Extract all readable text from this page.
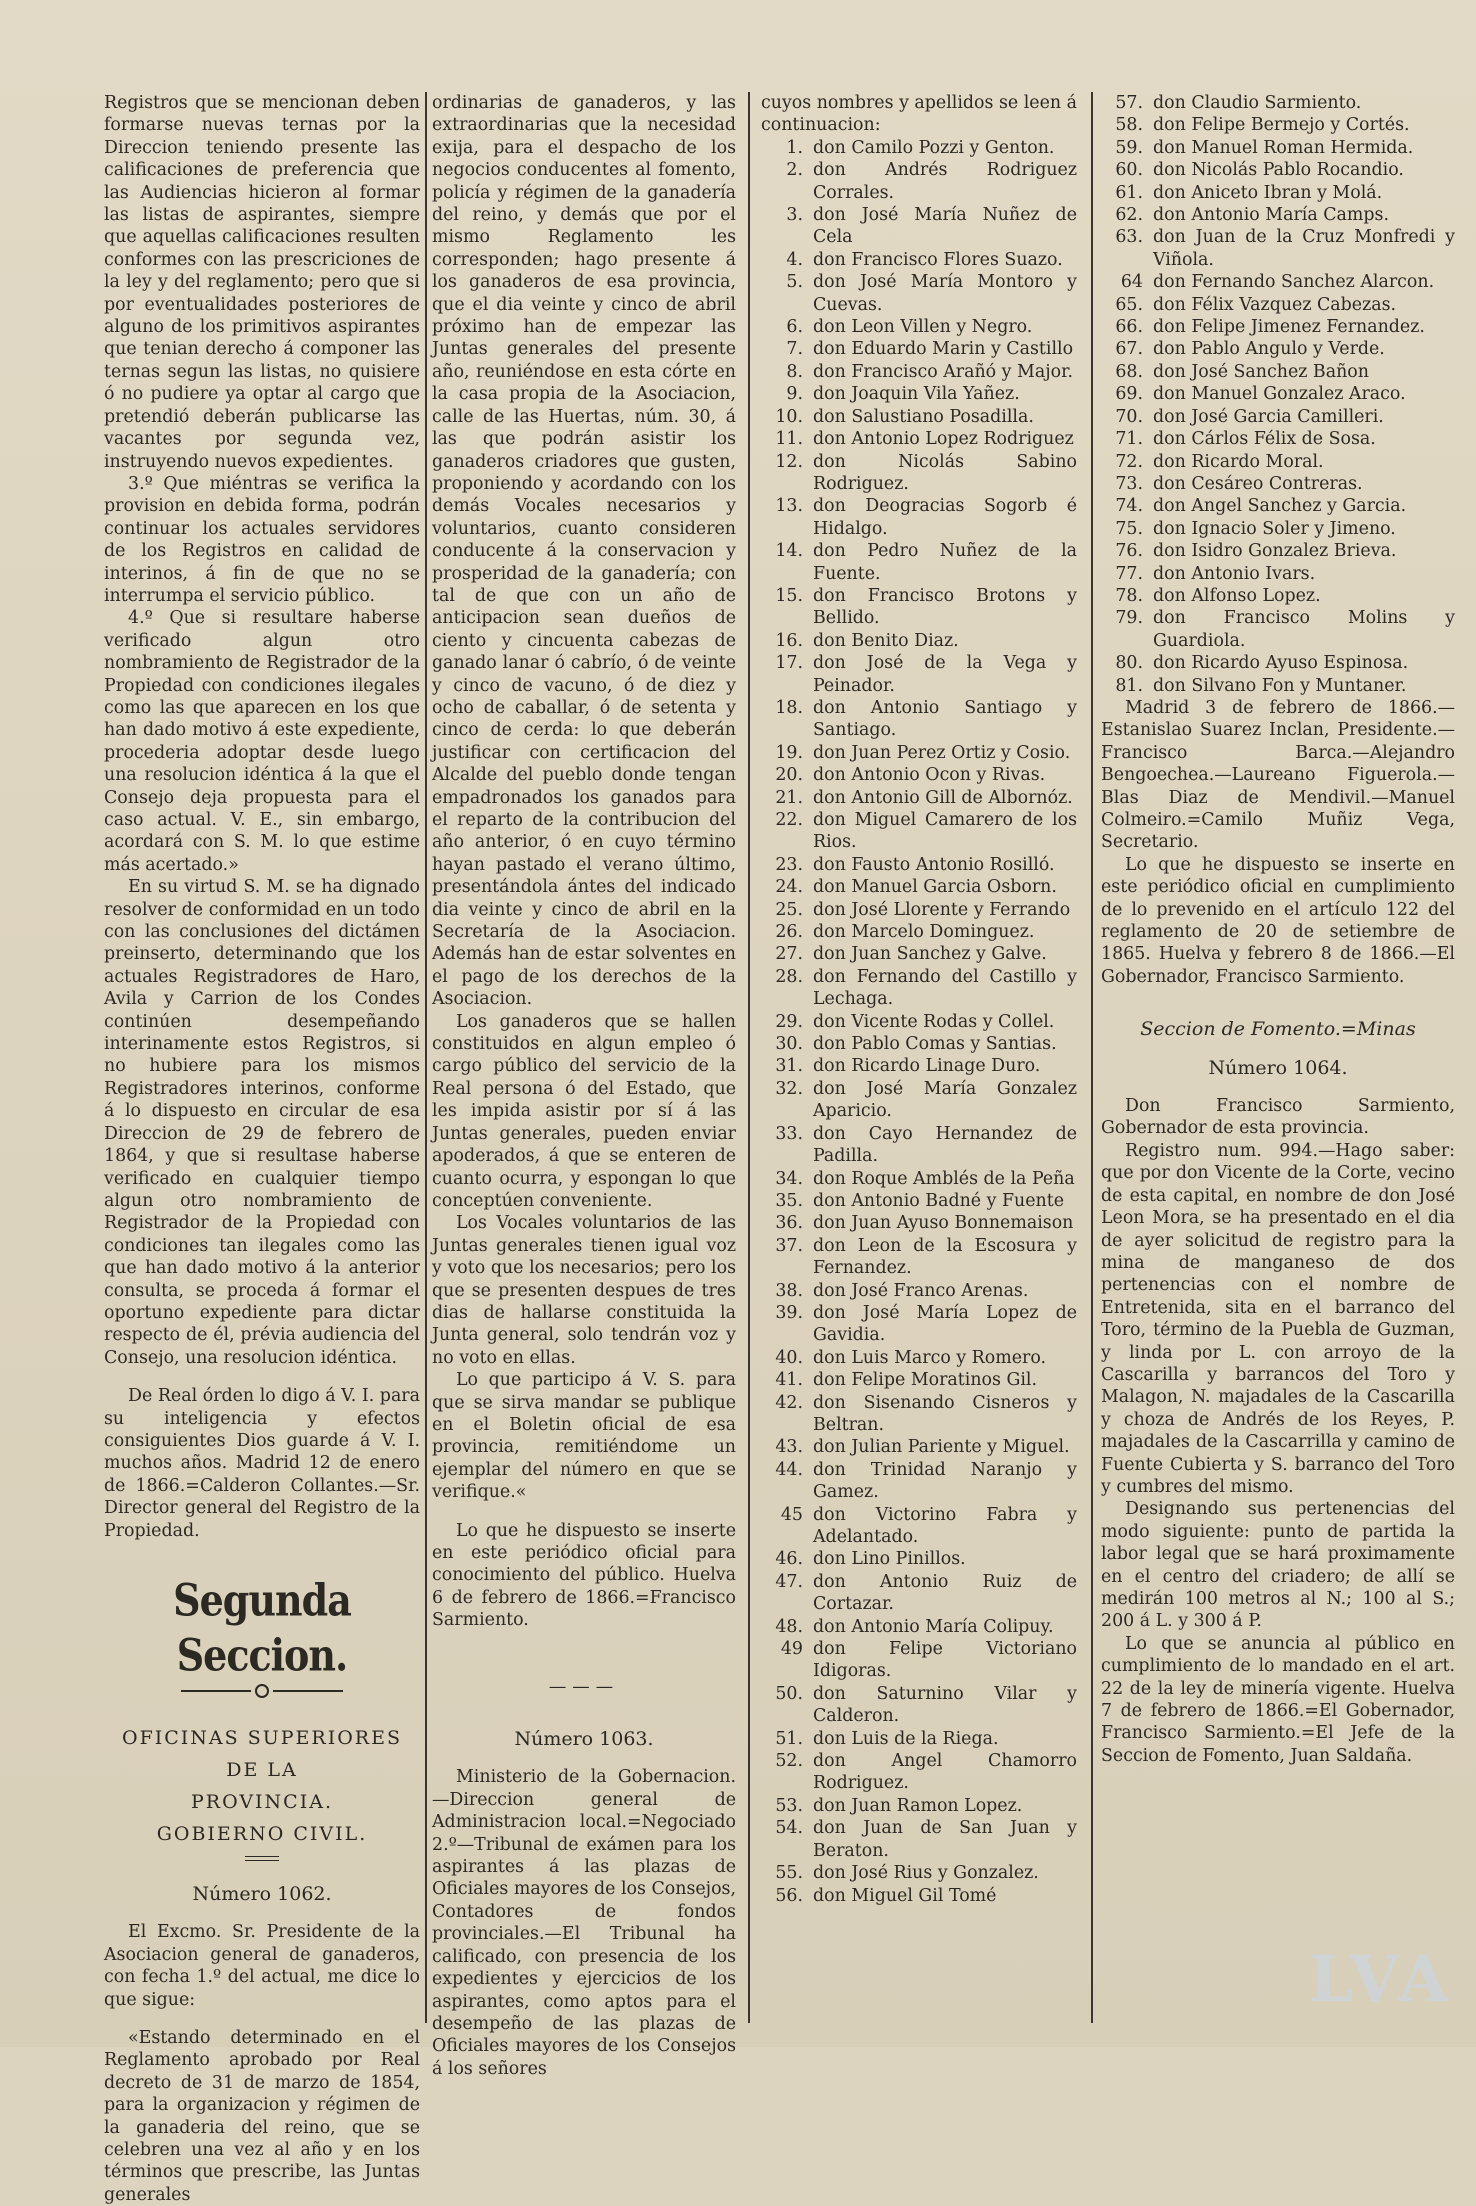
Registros que se mencionan deben formarse nuevas ternas por la Direccion teniendo presente las calificaciones de preferencia que las Audiencias hicieron al formar las listas de aspirantes, siempre que aquellas calificaciones resulten conformes con las prescriciones de la ley y del reglamento; pero que si por eventualidades posteriores de alguno de los primitivos aspirantes que tenian derecho á componer las ternas segun las listas, no quisiere ó no pudiere ya optar al cargo que pretendió deberán publicarse las vacantes por segunda vez, instruyendo nuevos expedientes.

3.º Que miéntras se verifica la provision en debida forma, podrán continuar los actuales servidores de los Registros en calidad de interinos, á fin de que no se interrumpa el servicio público.

4.º Que si resultare haberse verificado algun otro nombramiento de Registrador de la Propiedad con condiciones ilegales como las que aparecen en los que han dado motivo á este expediente, procederia adoptar desde luego una resolucion idéntica á la que el Consejo deja propuesta para el caso actual. V. E., sin embargo, acordará con S. M. lo que estime más acertado.»

En su virtud S. M. se ha dignado resolver de conformidad en un todo con las conclusiones del dictámen preinserto, determinando que los actuales Registradores de Haro, Avila y Carrion de los Condes continúen desempeñando interinamente estos Registros, si no hubiere para los mismos Registradores interinos, conforme á lo dispuesto en circular de esa Direccion de 29 de febrero de 1864, y que si resultase haberse verificado en cualquier tiempo algun otro nombramiento de Registrador de la Propiedad con condiciones tan ilegales como las que han dado motivo á la anterior consulta, se proceda á formar el oportuno expediente para dictar respecto de él, prévia audiencia del Consejo, una resolucion idéntica.

De Real órden lo digo á V. I. para su inteligencia y efectos consiguientes Dios guarde á V. I. muchos años. Madrid 12 de enero de 1866.=Calderon Collantes.—Sr. Director general del Registro de la Propiedad.

Segunda Seccion.

OFICINAS SUPERIORES DE LA

PROVINCIA.

GOBIERNO CIVIL.

Número 1062.

El Excmo. Sr. Presidente de la Asociacion general de ganaderos, con fecha 1.º del actual, me dice lo que sigue:

«Estando determinado en el Reglamento aprobado por Real decreto de 31 de marzo de 1854, para la organizacion y régimen de la ganaderia del reino, que se celebren una vez al año y en los términos que prescribe, las Juntas generales

ordinarias de ganaderos, y las extraordinarias que la necesidad exija, para el despacho de los negocios conducentes al fomento, policía y régimen de la ganadería del reino, y demás que por el mismo Reglamento les corresponden; hago presente á los ganaderos de esa provincia, que el dia veinte y cinco de abril próximo han de empezar las Juntas generales del presente año, reuniéndose en esta córte en la casa propia de la Asociacion, calle de las Huertas, núm. 30, á las que podrán asistir los ganaderos criadores que gusten, proponiendo y acordando con los demás Vocales necesarios y voluntarios, cuanto consideren conducente á la conservacion y prosperidad de la ganadería; con tal de que con un año de anticipacion sean dueños de ciento y cincuenta cabezas de ganado lanar ó cabrío, ó de veinte y cinco de vacuno, ó de diez y ocho de caballar, ó de setenta y cinco de cerda: lo que deberán justificar con certificacion del Alcalde del pueblo donde tengan empadronados los ganados para el reparto de la contribucion del año anterior, ó en cuyo término hayan pastado el verano último, presentándola ántes del indicado dia veinte y cinco de abril en la Secretaría de la Asociacion. Además han de estar solventes en el pago de los derechos de la Asociacion.

Los ganaderos que se hallen constituidos en algun empleo ó cargo público del servicio de la Real persona ó del Estado, que les impida asistir por sí á las Juntas generales, pueden enviar apoderados, á que se enteren de cuanto ocurra, y espongan lo que conceptúen conveniente.

Los Vocales voluntarios de las Juntas generales tienen igual voz y voto que los necesarios; pero los que se presenten despues de tres dias de hallarse constituida la Junta general, solo tendrán voz y no voto en ellas.

Lo que participo á V. S. para que se sirva mandar se publique en el Boletin oficial de esa provincia, remitiéndome un ejemplar del número en que se verifique.«

Lo que he dispuesto se inserte en este periódico oficial para conocimiento del público. Huelva 6 de febrero de 1866.=Francisco Sarmiento.

———

Número 1063.

Ministerio de la Gobernacion.—Direccion general de Administracion local.=Negociado 2.º—Tribunal de exámen para los aspirantes á las plazas de Oficiales mayores de los Consejos, Contadores de fondos provinciales.—El Tribunal ha calificado, con presencia de los expedientes y ejercicios de los aspirantes, como aptos para el desempeño de las plazas de Oficiales mayores de los Consejos á los señores

cuyos nombres y apellidos se leen á continuacion:

1. don Camilo Pozzi y Genton.
2. don Andrés Rodriguez Corrales.
3. don José María Nuñez de Cela
4. don Francisco Flores Suazo.
5. don José María Montoro y Cuevas.
6. don Leon Villen y Negro.
7. don Eduardo Marin y Castillo
8. don Francisco Arañó y Major.
9. don Joaquin Vila Yañez.
10. don Salustiano Posadilla.
11. don Antonio Lopez Rodriguez
12. don Nicolás Sabino Rodriguez.
13. don Deogracias Sogorb é Hidalgo.
14. don Pedro Nuñez de la Fuente.
15. don Francisco Brotons y Bellido.
16. don Benito Diaz.
17. don José de la Vega y Peinador.
18. don Antonio Santiago y Santiago.
19. don Juan Perez Ortiz y Cosio.
20. don Antonio Ocon y Rivas.
21. don Antonio Gill de Albornóz.
22. don Miguel Camarero de los Rios.
23. don Fausto Antonio Rosilló.
24. don Manuel Garcia Osborn.
25. don José Llorente y Ferrando
26. don Marcelo Dominguez.
27. don Juan Sanchez y Galve.
28. don Fernando del Castillo y Lechaga.
29. don Vicente Rodas y Collel.
30. don Pablo Comas y Santias.
31. don Ricardo Linage Duro.
32. don José María Gonzalez Aparicio.
33. don Cayo Hernandez de Padilla.
34. don Roque Amblés de la Peña
35. don Antonio Badné y Fuente
36. don Juan Ayuso Bonnemaison
37. don Leon de la Escosura y Fernandez.
38. don José Franco Arenas.
39. don José María Lopez de Gavidia.
40. don Luis Marco y Romero.
41. don Felipe Moratinos Gil.
42. don Sisenando Cisneros y Beltran.
43. don Julian Pariente y Miguel.
44. don Trinidad Naranjo y Gamez.
45 don Victorino Fabra y Adelantado.
46. don Lino Pinillos.
47. don Antonio Ruiz de Cortazar.
48. don Antonio María Colipuy.
49 don Felipe Victoriano Idigoras.
50. don Saturnino Vilar y Calderon.
51. don Luis de la Riega.
52. don Angel Chamorro Rodriguez.
53. don Juan Ramon Lopez.
54. don Juan de San Juan y Beraton.
55. don José Rius y Gonzalez.
56. don Miguel Gil Tomé
57. don Claudio Sarmiento.
58. don Felipe Bermejo y Cortés.
59. don Manuel Roman Hermida.
60. don Nicolás Pablo Rocandio.
61. don Aniceto Ibran y Molá.
62. don Antonio María Camps.
63. don Juan de la Cruz Monfredi y Viñola.
64 don Fernando Sanchez Alarcon.
65. don Félix Vazquez Cabezas.
66. don Felipe Jimenez Fernandez.
67. don Pablo Angulo y Verde.
68. don José Sanchez Bañon
69. don Manuel Gonzalez Araco.
70. don José Garcia Camilleri.
71. don Cárlos Félix de Sosa.
72. don Ricardo Moral.
73. don Cesáreo Contreras.
74. don Angel Sanchez y Garcia.
75. don Ignacio Soler y Jimeno.
76. don Isidro Gonzalez Brieva.
77. don Antonio Ivars.
78. don Alfonso Lopez.
79. don Francisco Molins y Guardiola.
80. don Ricardo Ayuso Espinosa.
81. don Silvano Fon y Muntaner.

Madrid 3 de febrero de 1866.—Estanislao Suarez Inclan, Presidente.—Francisco Barca.—Alejandro Bengoechea.—Laureano Figuerola.—Blas Diaz de Mendivil.—Manuel Colmeiro.=Camilo Muñiz Vega, Secretario.

Lo que he dispuesto se inserte en este periódico oficial en cumplimiento de lo prevenido en el artículo 122 del reglamento de 20 de setiembre de 1865. Huelva y febrero 8 de 1866.—El Gobernador, Francisco Sarmiento.

Seccion de Fomento.=Minas

Número 1064.

Don Francisco Sarmiento, Gobernador de esta provincia.

Registro num. 994.—Hago saber: que por don Vicente de la Corte, vecino de esta capital, en nombre de don José Leon Mora, se ha presentado en el dia de ayer solicitud de registro para la mina de manganeso de dos pertenencias con el nombre de Entretenida, sita en el barranco del Toro, término de la Puebla de Guzman, y linda por L. con arroyo de la Cascarilla y barrancos del Toro y Malagon, N. majadales de la Cascarilla y choza de Andrés de los Reyes, P. majadales de la Cascarrilla y camino de Fuente Cubierta y S. barranco del Toro y cumbres del mismo.

Designando sus pertenencias del modo siguiente: punto de partida la labor legal que se hará proximamente en el centro del criadero; de allí se medirán 100 metros al N.; 100 al S.; 200 á L. y 300 á P.

Lo que se anuncia al público en cumplimiento de lo mandado en el art. 22 de la ley de minería vigente. Huelva 7 de febrero de 1866.=El Gobernador, Francisco Sarmiento.=El Jefe de la Seccion de Fomento, Juan Saldaña.

LVA
